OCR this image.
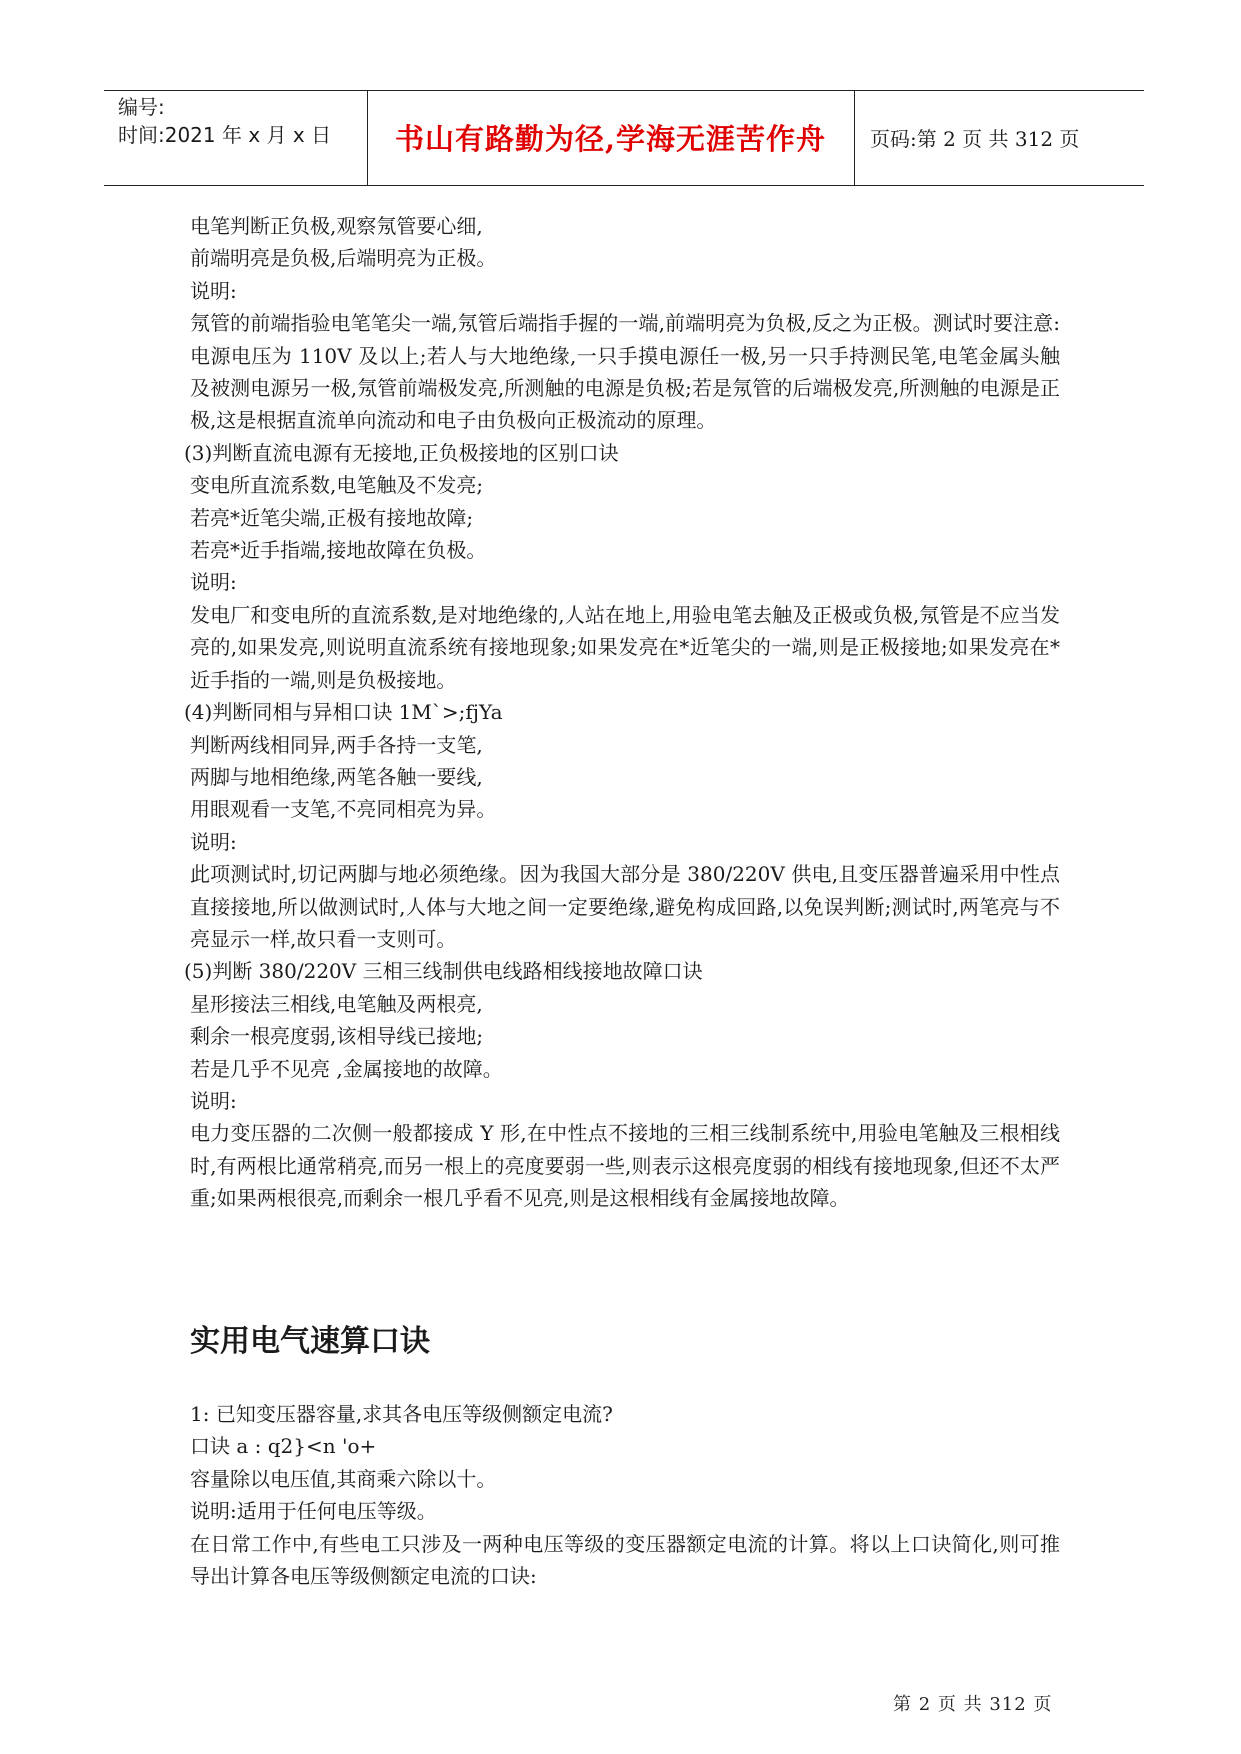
编号:
时间:2021 年 x 月 x 日	书山有路勤为径,学海无涯苦作舟	页码:第 2 页 共 312 页

电笔判断正负极,观察氖管要心细,

前端明亮是负极,后端明亮为正极。

说明:

氖管的前端指验电笔笔尖一端,氖管后端指手握的一端,前端明亮为负极,反之为正极。测试时要注意:电源电压为 110V 及以上;若人与大地绝缘,一只手摸电源任一极,另一只手持测民笔,电笔金属头触及被测电源另一极,氖管前端极发亮,所测触的电源是负极;若是氖管的后端极发亮,所测触的电源是正极,这是根据直流单向流动和电子由负极向正极流动的原理。

(3)判断直流电源有无接地,正负极接地的区别口诀

变电所直流系数,电笔触及不发亮;

若亮*近笔尖端,正极有接地故障;

若亮*近手指端,接地故障在负极。

说明:

发电厂和变电所的直流系数,是对地绝缘的,人站在地上,用验电笔去触及正极或负极,氖管是不应当发亮的,如果发亮,则说明直流系统有接地现象;如果发亮在*近笔尖的一端,则是正极接地;如果发亮在*近手指的一端,则是负极接地。

(4)判断同相与异相口诀 1M`>;fjYa

判断两线相同异,两手各持一支笔,

两脚与地相绝缘,两笔各触一要线,

用眼观看一支笔,不亮同相亮为异。

说明:

此项测试时,切记两脚与地必须绝缘。因为我国大部分是 380/220V 供电,且变压器普遍采用中性点直接接地,所以做测试时,人体与大地之间一定要绝缘,避免构成回路,以免误判断;测试时,两笔亮与不亮显示一样,故只看一支则可。

(5)判断 380/220V 三相三线制供电线路相线接地故障口诀

星形接法三相线,电笔触及两根亮,

剩余一根亮度弱,该相导线已接地;

若是几乎不见亮 ,金属接地的故障。

说明:

电力变压器的二次侧一般都接成 Y 形,在中性点不接地的三相三线制系统中,用验电笔触及三根相线时,有两根比通常稍亮,而另一根上的亮度要弱一些,则表示这根亮度弱的相线有接地现象,但还不太严重;如果两根很亮,而剩余一根几乎看不见亮,则是这根相线有金属接地故障。

实用电气速算口诀

1: 已知变压器容量,求其各电压等级侧额定电流?

口诀 a : q2}<n 'o+

容量除以电压值,其商乘六除以十。

说明:适用于任何电压等级。

在日常工作中,有些电工只涉及一两种电压等级的变压器额定电流的计算。将以上口诀简化,则可推导出计算各电压等级侧额定电流的口诀:

第 2 页 共 312 页
